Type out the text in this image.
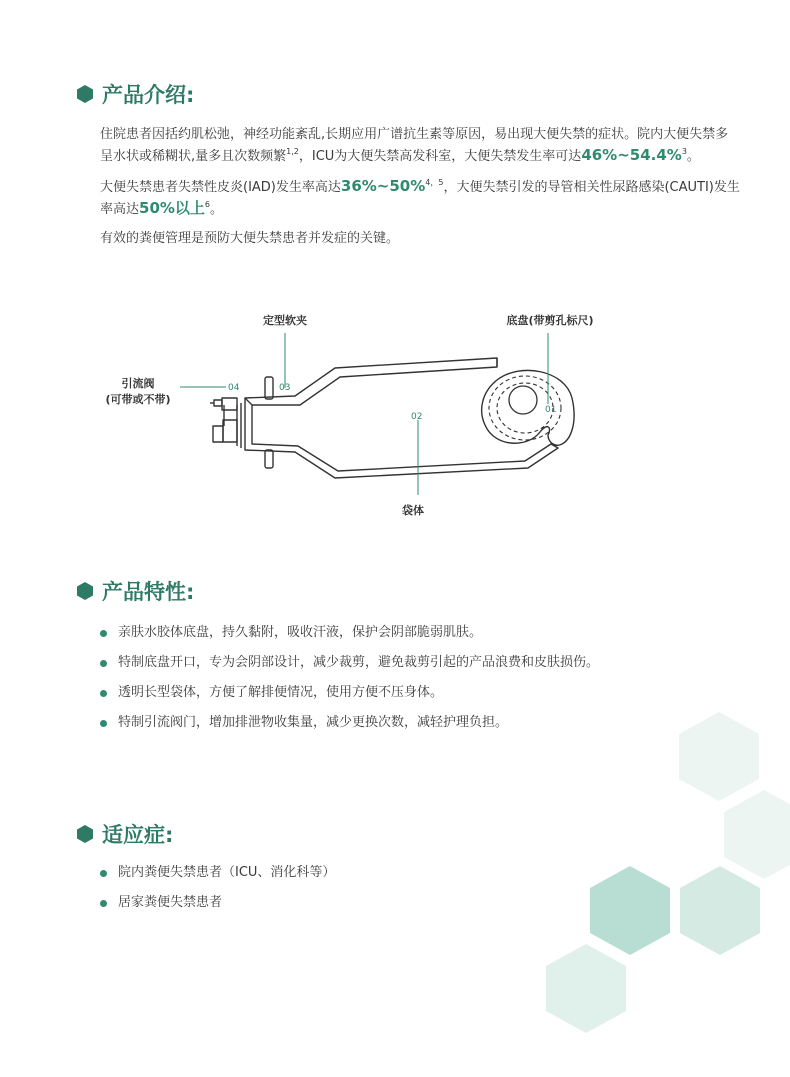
产品介绍:
住院患者因括约肌松弛，神经功能紊乱,长期应用广谱抗生素等原因，易出现大便失禁的症状。院内大便失禁多呈水状或稀糊状,量多且次数频繁$^{1,2}$，ICU为大便失禁高发科室，大便失禁发生率可达46%~54.4%$^3$。
大便失禁患者失禁性皮炎(IAD)发生率高达36%~50%$^{4,5}$，大便失禁引发的导管相关性尿路感染(CAUTI)发生率高达50%以上$^6$。
有效的粪便管理是预防大便失禁患者并发症的关键。
定型软夹	底盘(带剪孔标尺)
引流阀
(可带或不带)
袋体
03
01
02
04
产品特性:
亲肤水胶体底盘，持久黏附，吸收汗液，保护会阴部脆弱肌肤。
特制底盘开口，专为会阴部设计，减少裁剪，避免裁剪引起的产品浪费和皮肤损伤。
透明长型袋体，方便了解排便情况，使用方便不压身体。
特制引流阀门，增加排泄物收集量，减少更换次数，减轻护理负担。
适应症:
院内粪便失禁患者（ICU、消化科等）
居家粪便失禁患者
